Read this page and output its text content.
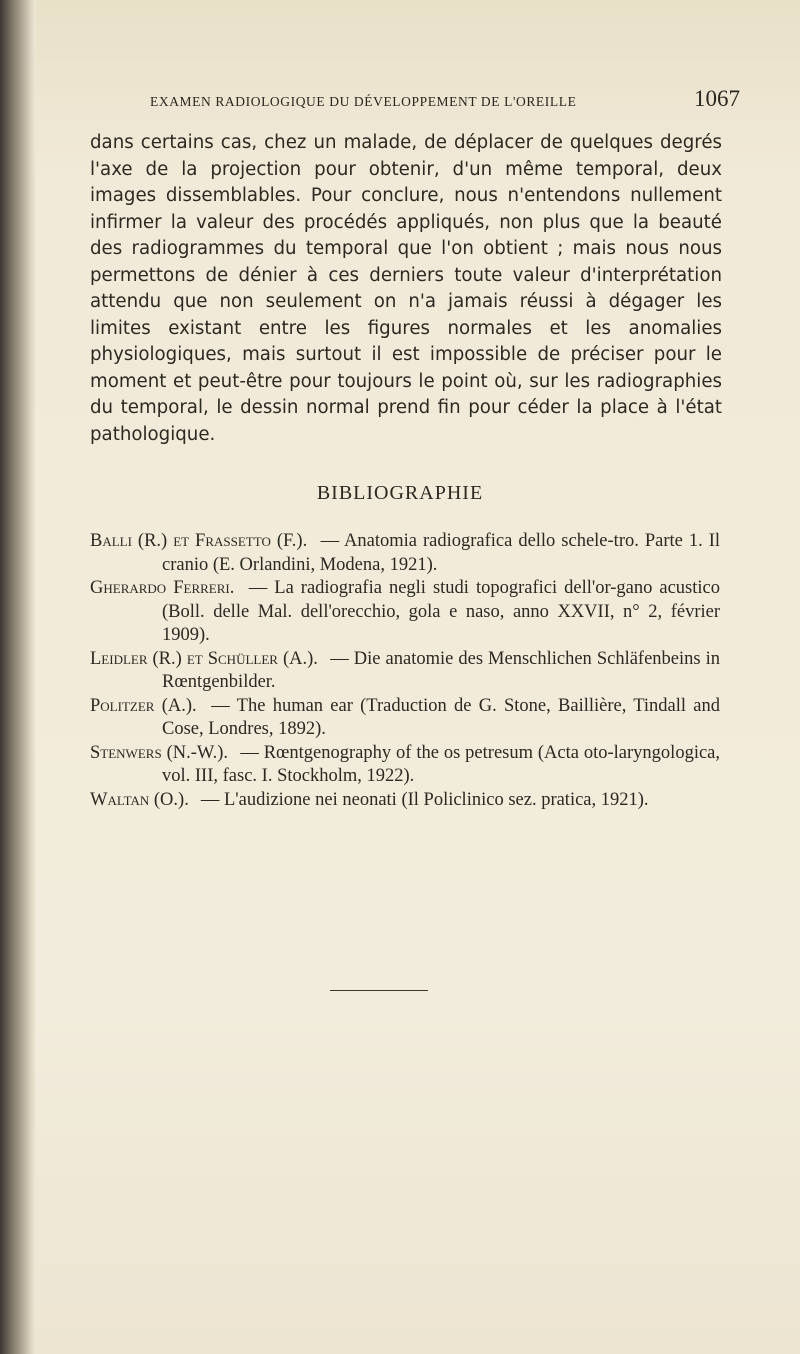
EXAMEN RADIOLOGIQUE DU DÉVELOPPEMENT DE L'OREILLE	1067

dans certains cas, chez un malade, de déplacer de quelques degrés l'axe de la projection pour obtenir, d'un même temporal, deux images dissemblables. Pour conclure, nous n'entendons nullement infirmer la valeur des procédés appliqués, non plus que la beauté des radiogrammes du temporal que l'on obtient ; mais nous nous permettons de dénier à ces derniers toute valeur d'interprétation attendu que non seulement on n'a jamais réussi à dégager les limites existant entre les figures normales et les anomalies physiologiques, mais surtout il est impossible de préciser pour le moment et peut-être pour toujours le point où, sur les radiographies du temporal, le dessin normal prend fin pour céder la place à l'état pathologique.

BIBLIOGRAPHIE
Balli (R.) et Frassetto (F.). — Anatomia radiografica dello schele-tro. Parte 1. Il cranio (E. Orlandini, Modena, 1921).
Gherardo Ferreri. — La radiografia negli studi topografici dell'or-gano acustico (Boll. delle Mal. dell'orecchio, gola e naso, anno XXVII, n° 2, février 1909).
Leidler (R.) et Schüller (A.). — Die anatomie des Menschlichen Schläfenbeins in Rœntgenbilder.
Politzer (A.). — The human ear (Traduction de G. Stone, Baillière, Tindall and Cose, Londres, 1892).
Stenwers (N.-W.). — Rœntgenography of the os petresum (Acta oto-laryngologica, vol. III, fasc. I. Stockholm, 1922).
Waltan (O.). — L'audizione nei neonati (Il Policlinico sez. pratica, 1921).
